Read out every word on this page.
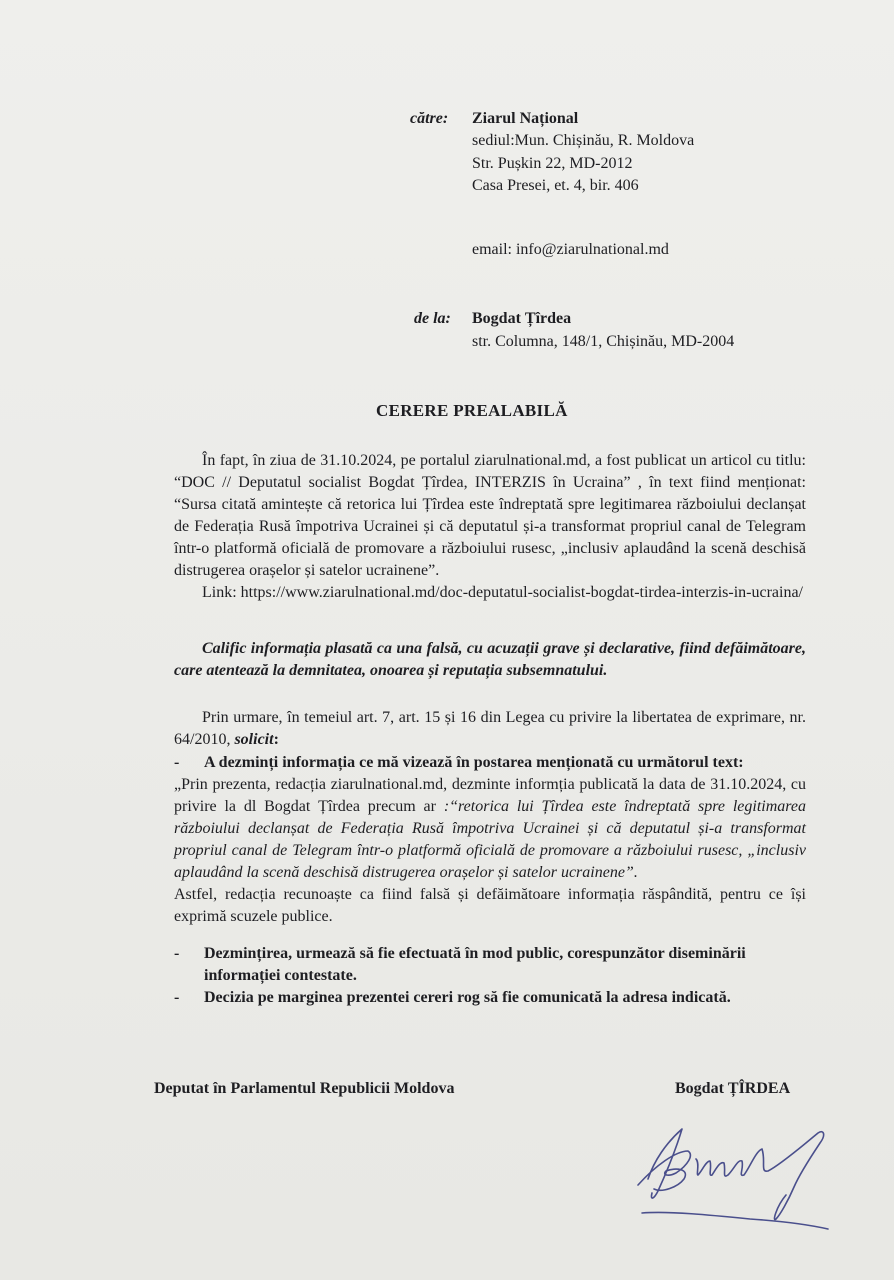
către: Ziarul Național
sediul:Mun. Chișinău, R. Moldova
Str. Pușkin 22, MD-2012
Casa Presei, et. 4, bir. 406
email: info@ziarulnational.md
de la: Bogdat Țîrdea
str. Columna, 148/1, Chișinău, MD-2004
CERERE PREALABILĂ

În fapt, în ziua de 31.10.2024, pe portalul ziarulnational.md, a fost publicat un articol cu titlu: “DOC // Deputatul socialist Bogdat Țîrdea, INTERZIS în Ucraina” , în text fiind menționat: “Sursa citată amintește că retorica lui Țîrdea este îndreptată spre legitimarea războiului declanșat de Federația Rusă împotriva Ucrainei și că deputatul și-a transformat propriul canal de Telegram într-o platformă oficială de promovare a războiului rusesc, „inclusiv aplaudând la scenă deschisă distrugerea orașelor și satelor ucrainene”.

Link: https://www.ziarulnational.md/doc-deputatul-socialist-bogdat-tirdea-interzis-in-ucraina/

Calific informația plasată ca una falsă, cu acuzații grave și declarative, fiind defăimătoare, care atentează la demnitatea, onoarea și reputația subsemnatului.

Prin urmare, în temeiul art. 7, art. 15 și 16 din Legea cu privire la libertatea de exprimare, nr. 64/2010, solicit:

-	A dezminți informația ce mă vizează în postarea menționată cu următorul text:

„Prin prezenta, redacția ziarulnational.md, dezminte informția publicată la data de 31.10.2024, cu privire la dl Bogdat Țîrdea precum ar :“retorica lui Țîrdea este îndreptată spre legitimarea războiului declanșat de Federația Rusă împotriva Ucrainei și că deputatul și-a transformat propriul canal de Telegram într-o platformă oficială de promovare a războiului rusesc, „inclusiv aplaudând la scenă deschisă distrugerea orașelor și satelor ucrainene”.

Astfel, redacția recunoaște ca fiind falsă și defăimătoare informația răspândită, pentru ce își exprimă scuzele publice.

-	Dezmințirea, urmează să fie efectuată în mod public, corespunzător diseminării informației contestate.
-	Decizia pe marginea prezentei cereri rog să fie comunicată la adresa indicată.
Deputat în Parlamentul Republicii Moldova	Bogdat ȚÎRDEA
